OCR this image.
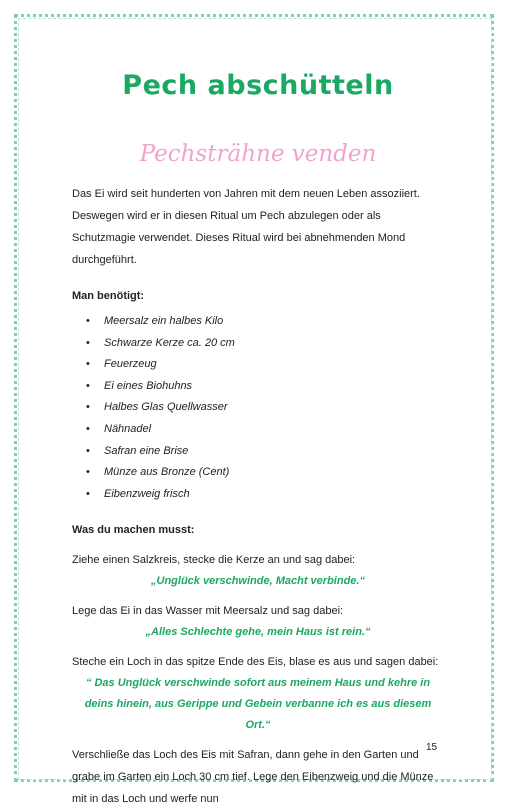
Pech abschütteln
Pechsträhne venden

Das Ei wird seit hunderten von Jahren mit dem neuen Leben assoziiert. Deswegen wird er in diesen Ritual um Pech abzulegen oder als Schutzmagie verwendet. Dieses Ritual wird bei abnehmenden Mond durchgeführt.

Man benötigt:

• Meersalz ein halbes Kilo
• Schwarze Kerze ca. 20 cm
• Feuerzeug
• Ei eines Biohuhns
• Halbes Glas Quellwasser
• Nähnadel
• Safran eine Brise
• Münze aus Bronze (Cent)
• Eibenzweig frisch

Was du machen musst:

Ziehe einen Salzkreis, stecke die Kerze an und sag dabei:

„Unglück verschwinde, Macht verbinde.“

Lege das Ei in das Wasser mit Meersalz und sag dabei:

„Alles Schlechte gehe, mein Haus ist rein.“

Steche ein Loch in das spitze Ende des Eis, blase es aus und sagen dabei:

“ Das Unglück verschwinde sofort aus meinem Haus und kehre in deins hinein, aus Gerippe und Gebein verbanne ich es aus diesem Ort.“

Verschließe das Loch des Eis mit Safran, dann gehe in den Garten und grabe im Garten ein Loch 30 cm tief. Lege den Eibenzweig und die Münze mit in das Loch und werfe nun

15
